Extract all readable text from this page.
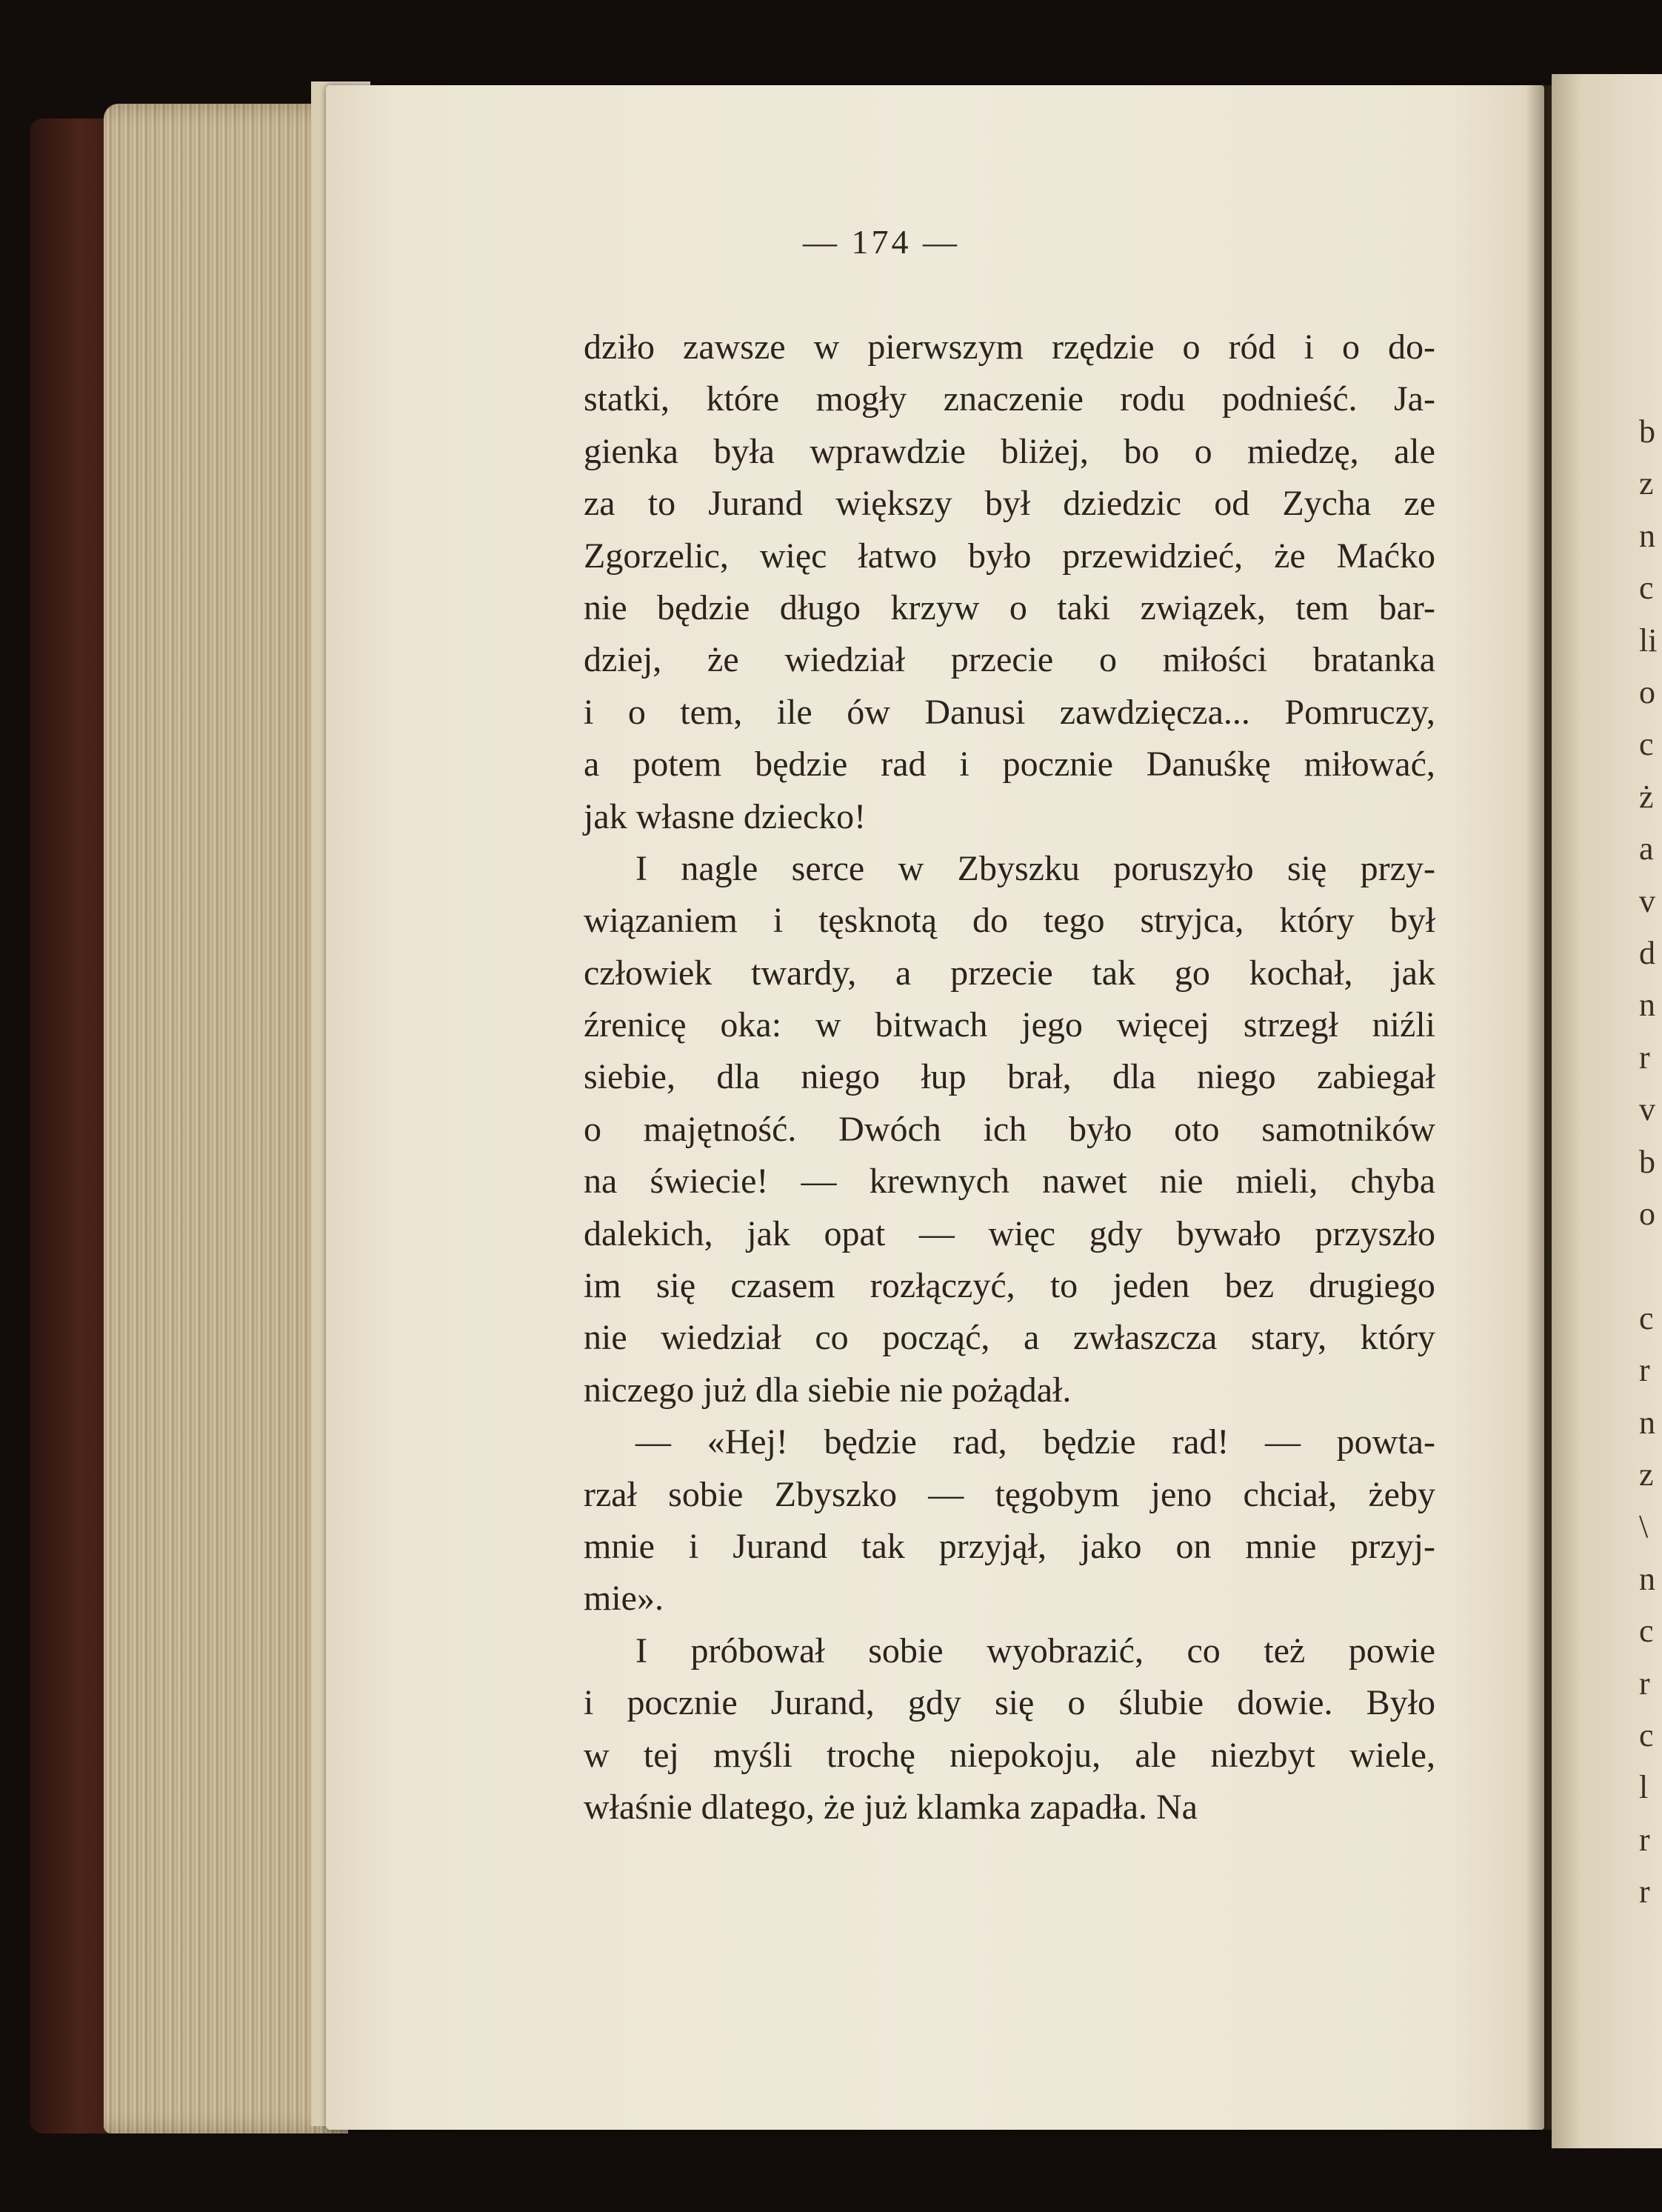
b
z
n
c
li
o
c
ż
a
v
d
n
r
v
b
o
c
r
n
z
\
n
c
r
c
l
r
r
— 174 —
dziło zawsze w pierwszym rzędzie o ród i o do-
statki, które mogły znaczenie rodu podnieść. Ja-
gienka była wprawdzie bliżej, bo o miedzę, ale
za to Jurand większy był dziedzic od Zycha ze
Zgorzelic, więc łatwo było przewidzieć, że Maćko
nie będzie długo krzyw o taki związek, tem bar-
dziej, że wiedział przecie o miłości bratanka
i o tem, ile ów Danusi zawdzięcza... Pomruczy,
a potem będzie rad i pocznie Danuśkę miłować,
jak własne dziecko!
I nagle serce w Zbyszku poruszyło się przy-
wiązaniem i tęsknotą do tego stryjca, który był
człowiek twardy, a przecie tak go kochał, jak
źrenicę oka: w bitwach jego więcej strzegł niźli
siebie, dla niego łup brał, dla niego zabiegał
o majętność. Dwóch ich było oto samotników
na świecie! — krewnych nawet nie mieli, chyba
dalekich, jak opat — więc gdy bywało przyszło
im się czasem rozłączyć, to jeden bez drugiego
nie wiedział co począć, a zwłaszcza stary, który
niczego już dla siebie nie pożądał.
— «Hej! będzie rad, będzie rad! — powta-
rzał sobie Zbyszko — tęgobym jeno chciał, żeby
mnie i Jurand tak przyjął, jako on mnie przyj-
mie».
I próbował sobie wyobrazić, co też powie
i pocznie Jurand, gdy się o ślubie dowie. Było
w tej myśli trochę niepokoju, ale niezbyt wiele,
właśnie dlatego, że już klamka zapadła. Na
